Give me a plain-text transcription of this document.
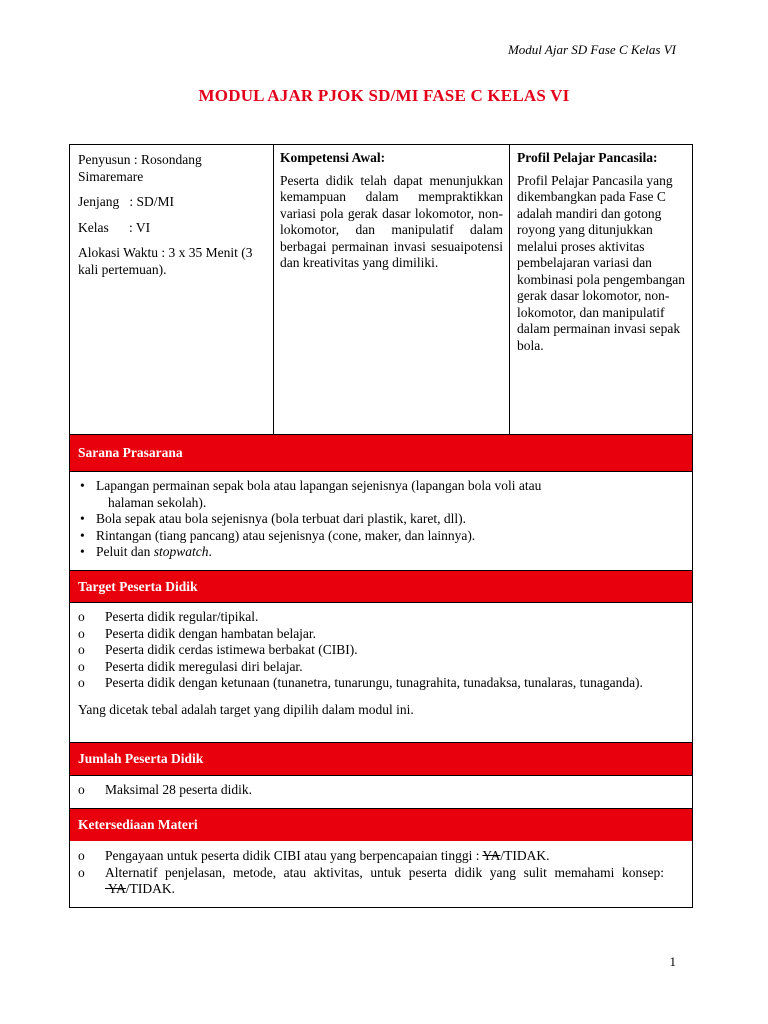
Modul Ajar SD Fase C Kelas VI
MODUL AJAR PJOK SD/MI FASE C KELAS VI

Penyusun : Rosondang Simaremare

Jenjang   : SD/MI

Kelas      : VI

Alokasi Waktu : 3 x 35 Menit (3 kali pertemuan).

Kompetensi Awal:

Peserta didik telah dapat menunjukkan kemampuan dalam mempraktikkan variasi pola gerak dasar lokomotor, non-lokomotor, dan manipulatif dalam berbagai permainan invasi sesuaipotensi dan kreativitas yang dimiliki.

Profil Pelajar Pancasila:

Profil Pelajar Pancasila yang dikembangkan pada Fase C adalah mandiri dan gotong royong yang ditunjukkan melalui proses aktivitas pembelajaran variasi dan kombinasi pola pengembangan gerak dasar lokomotor, non-lokomotor, dan manipulatif dalam permainan invasi sepak bola.

Sarana Prasarana
• Lapangan permainan sepak bola atau lapangan sejenisnya (lapangan bola voli atau
halaman sekolah).
• Bola sepak atau bola sejenisnya (bola terbuat dari plastik, karet, dll).
• Rintangan (tiang pancang) atau sejenisnya (cone, maker, dan lainnya).
• Peluit dan stopwatch.
Target Peserta Didik
o Peserta didik regular/tipikal.
o Peserta didik dengan hambatan belajar.
o Peserta didik cerdas istimewa berbakat (CIBI).
o Peserta didik meregulasi diri belajar.
o Peserta didik dengan ketunaan (tunanetra, tunarungu, tunagrahita, tunadaksa, tunalaras, tunaganda).
Yang dicetak tebal adalah target yang dipilih dalam modul ini.
Jumlah Peserta Didik
o Maksimal 28 peserta didik.
Ketersediaan Materi
o Pengayaan untuk peserta didik CIBI atau yang berpencapaian tinggi : YA/TIDAK.
o Alternatif penjelasan, metode, atau aktivitas, untuk peserta didik yang sulit memahami konsep: YA/TIDAK.
1
